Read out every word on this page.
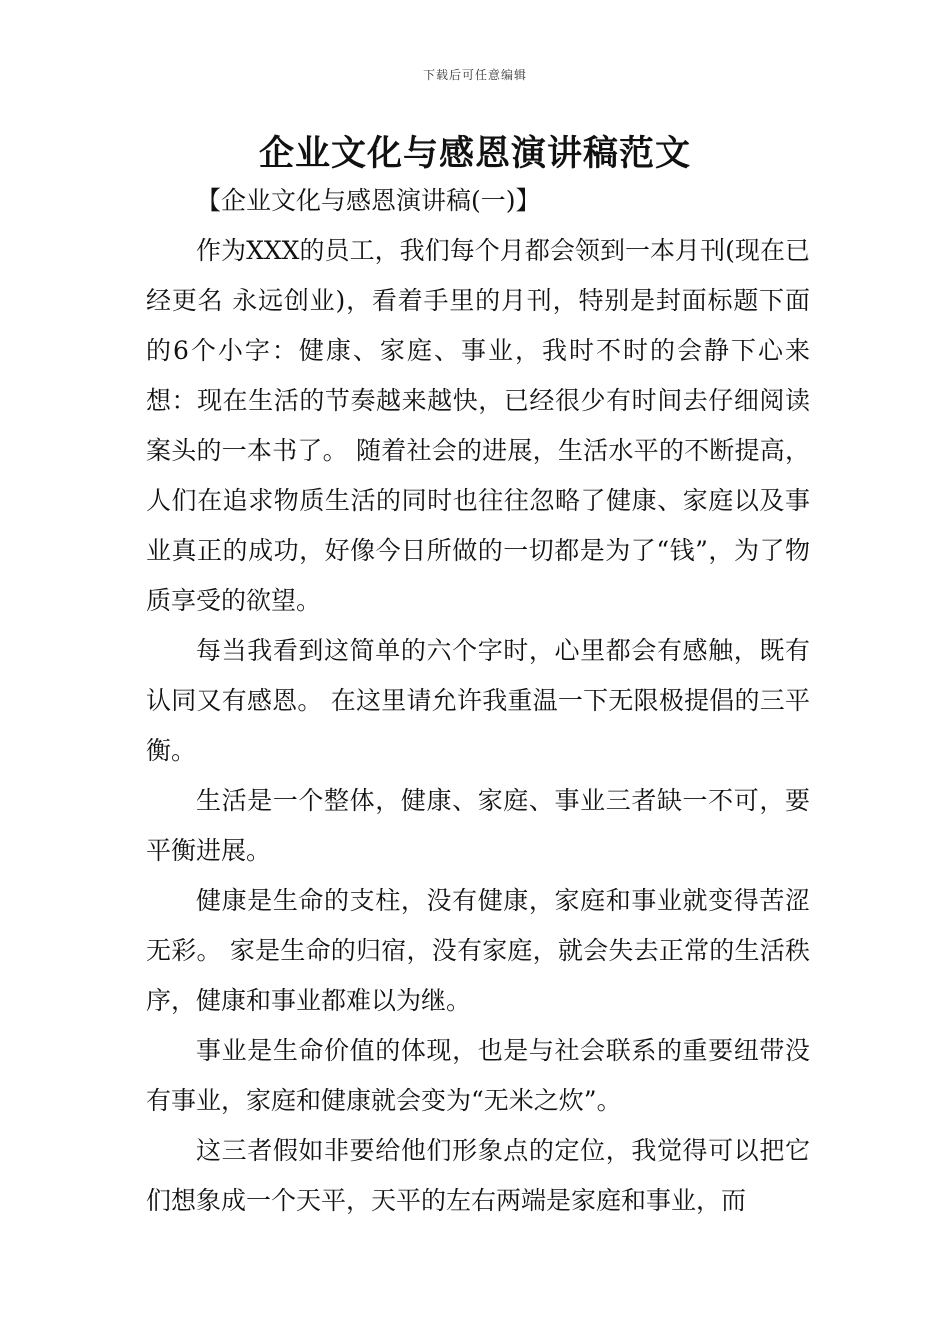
下载后可任意编辑
企业文化与感恩演讲稿范文

【企业文化与感恩演讲稿(一)】

作为XXX的员工，我们每个月都会领到一本月刊(现在已经更名 永远创业)，看着手里的月刊，特别是封面标题下面的6个小字：健康、家庭、事业，我时不时的会静下心来想：现在生活的节奏越来越快，已经很少有时间去仔细阅读案头的一本书了。 随着社会的进展，生活水平的不断提高，人们在追求物质生活的同时也往往忽略了健康、家庭以及事业真正的成功，好像今日所做的一切都是为了“钱”，为了物质享受的欲望。

每当我看到这简单的六个字时，心里都会有感触，既有认同又有感恩。 在这里请允许我重温一下无限极提倡的三平衡。

生活是一个整体，健康、家庭、事业三者缺一不可，要平衡进展。

健康是生命的支柱，没有健康，家庭和事业就变得苦涩无彩。 家是生命的归宿，没有家庭，就会失去正常的生活秩序，健康和事业都难以为继。

事业是生命价值的体现，也是与社会联系的重要纽带没有事业，家庭和健康就会变为“无米之炊”。

这三者假如非要给他们形象点的定位，我觉得可以把它们想象成一个天平，天平的左右两端是家庭和事业，而
